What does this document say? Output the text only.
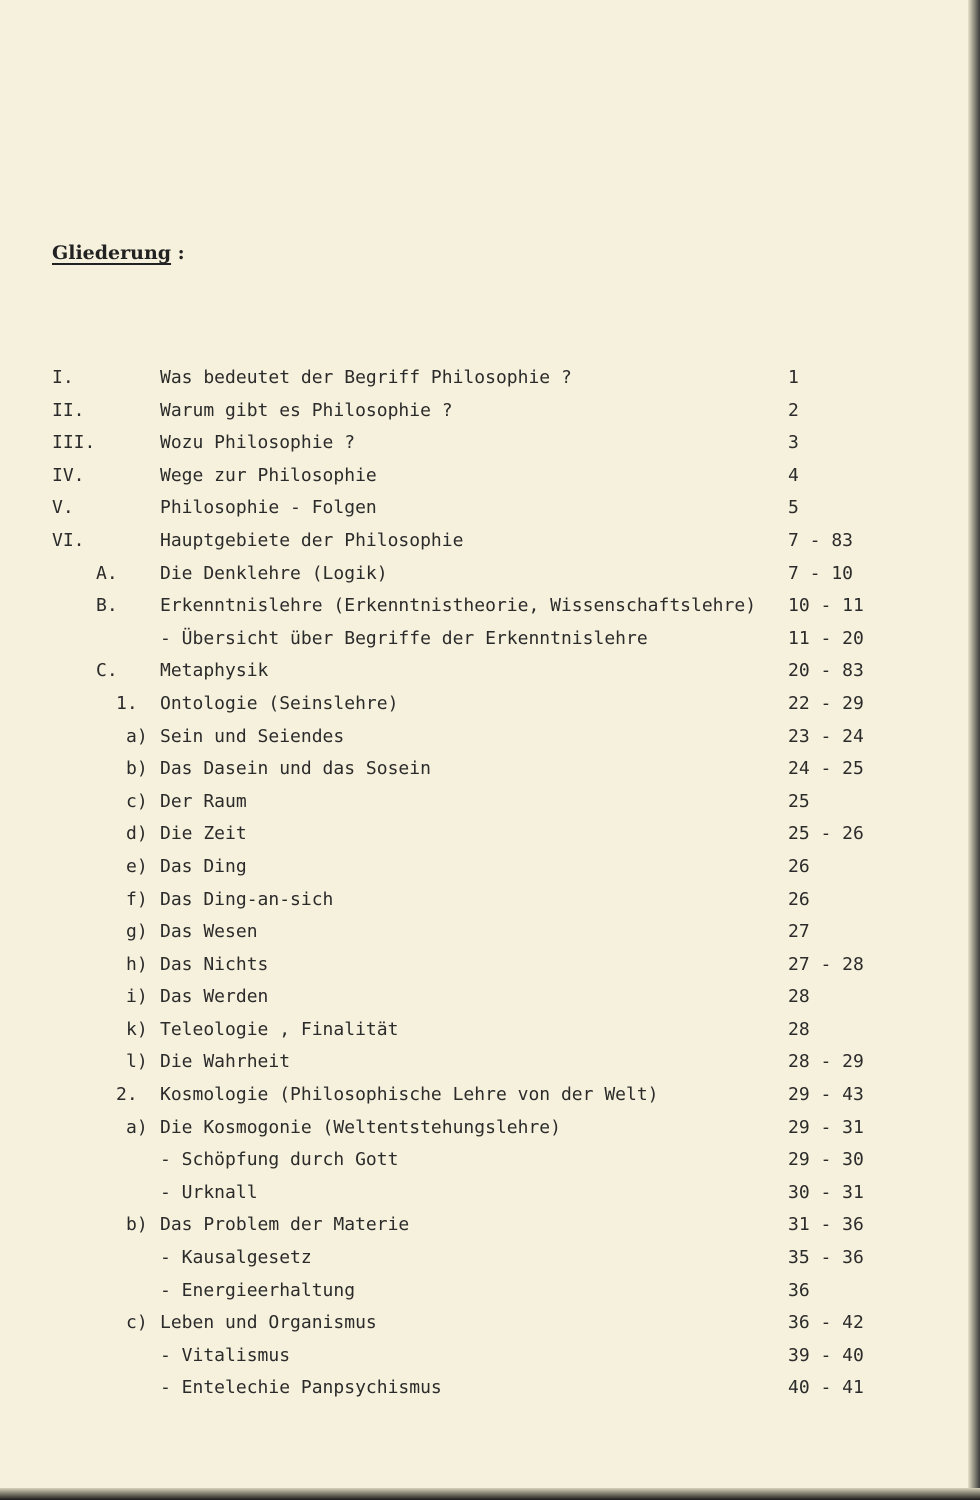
Gliederung :
I.	Was bedeutet der Begriff Philosophie ?	1
II.	Warum gibt es Philosophie ?	2
III.	Wozu Philosophie ?	3
IV.	Wege zur Philosophie	4
V.	Philosophie - Folgen	5
VI.	Hauptgebiete der Philosophie	7 - 83
A. Die Denklehre (Logik)	7 - 10
B. Erkenntnislehre (Erkenntnistheorie, Wissenschaftslehre) 10 - 11
- Übersicht über Begriffe der Erkenntnislehre	11 - 20
C. Metaphysik	20 - 83
1. Ontologie (Seinslehre)	22 - 29
a) Sein und Seiendes	23 - 24
b) Das Dasein und das Sosein	24 - 25
c) Der Raum	25
d) Die Zeit	25 - 26
e) Das Ding	26
f) Das Ding-an-sich	26
g) Das Wesen	27
h) Das Nichts	27 - 28
i) Das Werden	28
k) Teleologie , Finalität	28
l) Die Wahrheit	28 - 29
2. Kosmologie (Philosophische Lehre von der Welt)	29 - 43
a) Die Kosmogonie (Weltentstehungslehre)	29 - 31
- Schöpfung durch Gott	29 - 30
- Urknall	30 - 31
b) Das Problem der Materie	31 - 36
- Kausalgesetz	35 - 36
- Energieerhaltung	36
c) Leben und Organismus	36 - 42
- Vitalismus	39 - 40
- Entelechie Panpsychismus	40 - 41
